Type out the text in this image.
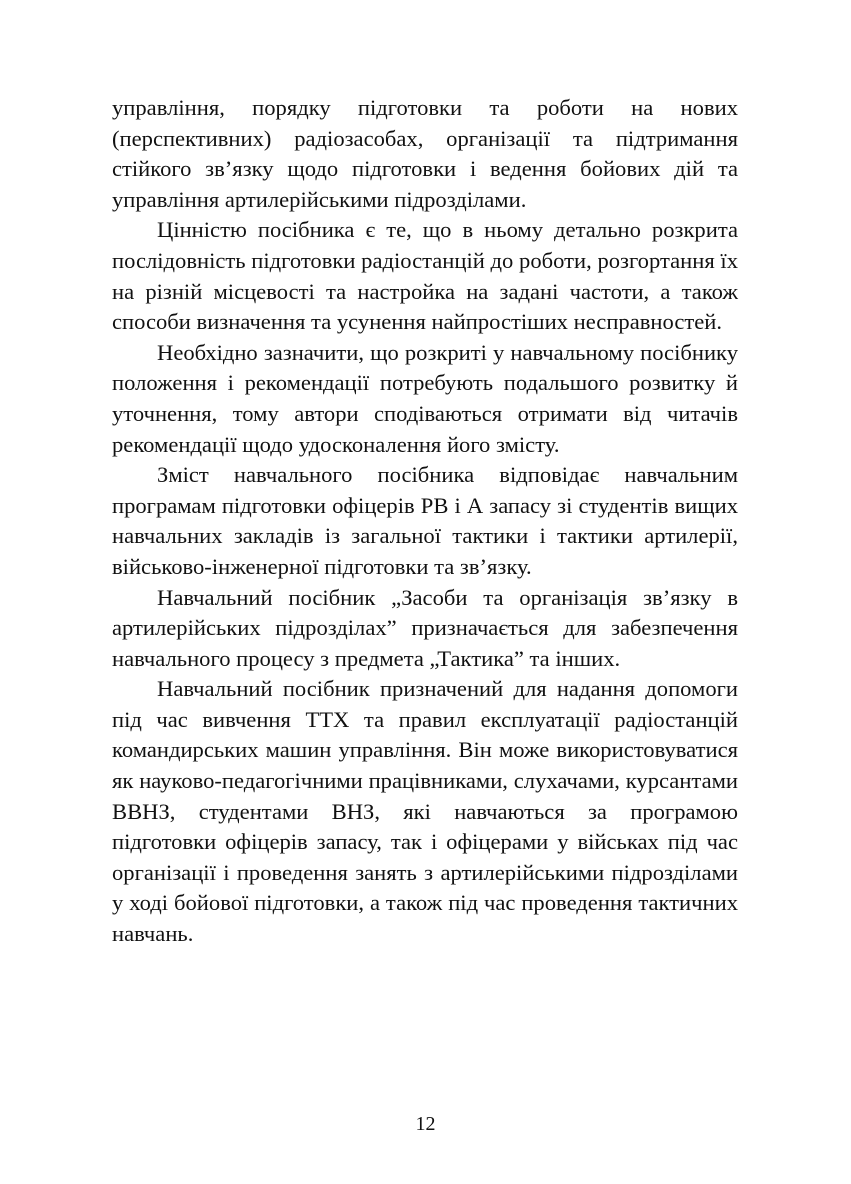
управління, порядку підготовки та роботи на нових (перспективних) радіозасобах, організації та підтримання стійкого зв’язку щодо підготовки і ведення бойових дій та управління артилерійськими підрозділами.

Цінністю посібника є те, що в ньому детально розкрита послідовність підготовки радіостанцій до роботи, розгортання їх на різній місцевості та настройка на задані частоти, а також способи визначення та усунення найпростіших несправностей.

Необхідно зазначити, що розкриті у навчальному посібнику положення і рекомендації потребують подальшого розвитку й уточнення, тому автори сподіваються отримати від читачів рекомендації щодо удосконалення його змісту.

Зміст навчального посібника відповідає навчальним програмам підготовки офіцерів РВ і А запасу зі студентів вищих навчальних закладів із загальної тактики і тактики артилерії, військово-інженерної підготовки та зв’язку.

Навчальний посібник „Засоби та організація зв’язку в артилерійських підрозділах” призначається для забезпечення навчального процесу з предмета „Тактика” та інших.

Навчальний посібник призначений для надання допомоги під час вивчення ТТХ та правил експлуатації радіостанцій командирських машин управління. Він може використовуватися як науково-педагогічними працівниками, слухачами, курсантами ВВНЗ, студентами ВНЗ, які навчаються за програмою підготовки офіцерів запасу, так і офіцерами у військах під час організації і проведення занять з артилерійськими підрозділами у ході бойової підготовки, а також під час проведення тактичних навчань.

12
